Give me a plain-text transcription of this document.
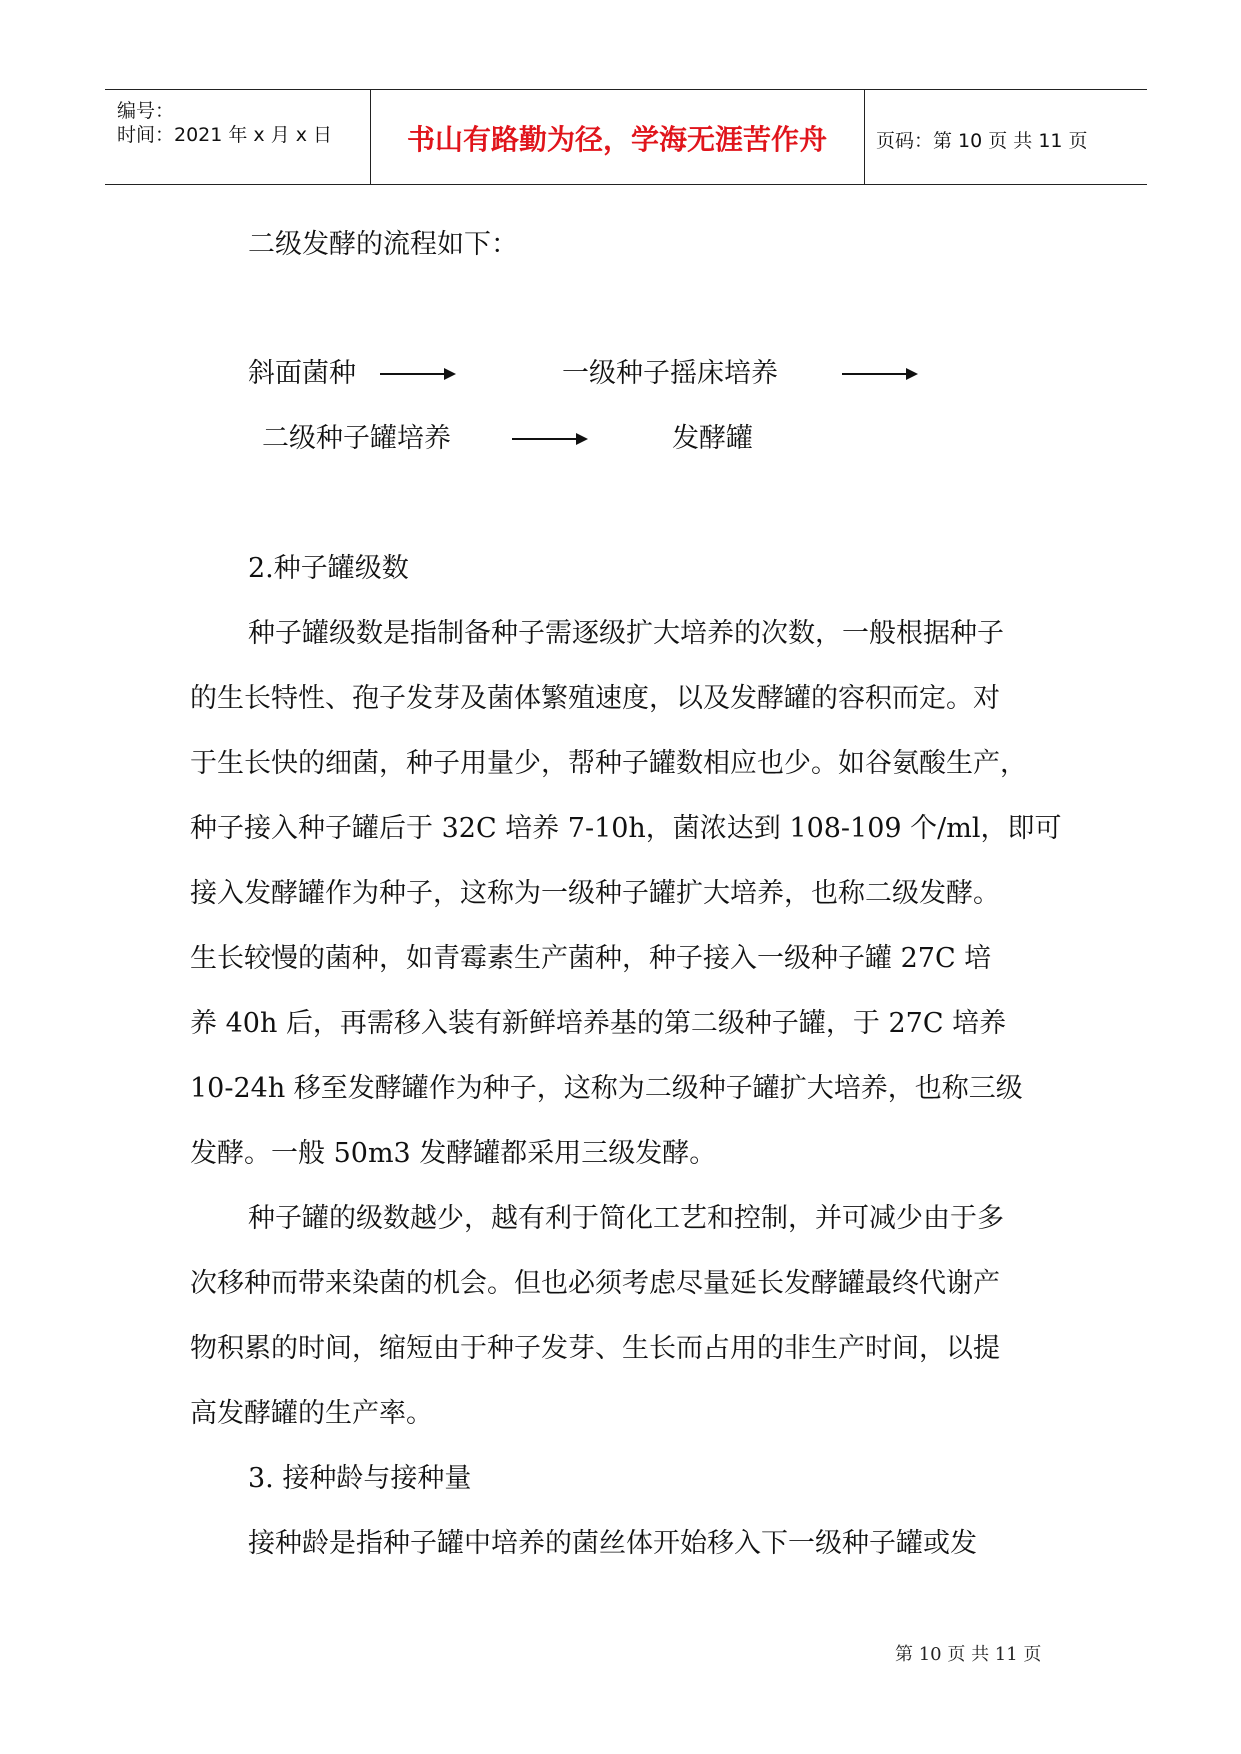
编号：
时间：2021 年 x 月 x 日	书山有路勤为径，学海无涯苦作舟	页码：第 10 页 共 11 页
二级发酵的流程如下：
斜面菌种	一级种子摇床培养
二级种子罐培养	发酵罐
2.种子罐级数
种子罐级数是指制备种子需逐级扩大培养的次数，一般根据种子
的生长特性、孢子发芽及菌体繁殖速度，以及发酵罐的容积而定。对
于生长快的细菌，种子用量少，帮种子罐数相应也少。如谷氨酸生产，
种子接入种子罐后于 32C 培养 7-10h，菌浓达到 108-109 个/ml，即可
接入发酵罐作为种子，这称为一级种子罐扩大培养，也称二级发酵。
生长较慢的菌种，如青霉素生产菌种，种子接入一级种子罐 27C 培
养 40h 后，再需移入装有新鲜培养基的第二级种子罐，于 27C 培养
10-24h 移至发酵罐作为种子，这称为二级种子罐扩大培养，也称三级
发酵。一般 50m3 发酵罐都采用三级发酵。
种子罐的级数越少，越有利于简化工艺和控制，并可减少由于多
次移种而带来染菌的机会。但也必须考虑尽量延长发酵罐最终代谢产
物积累的时间，缩短由于种子发芽、生长而占用的非生产时间，以提
高发酵罐的生产率。
3. 接种龄与接种量
接种龄是指种子罐中培养的菌丝体开始移入下一级种子罐或发
第 10 页 共 11 页
